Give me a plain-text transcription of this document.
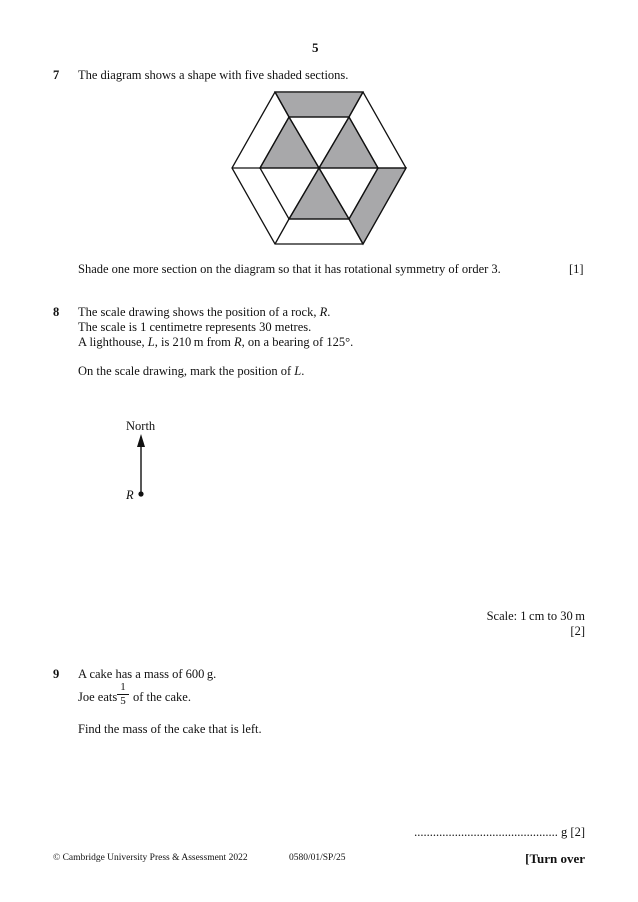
5
7 The diagram shows a shape with five shaded sections.
Shade one more section on the diagram so that it has rotational symmetry of order 3.	[1]
8 The scale drawing shows the position of a rock, R.
The scale is 1 centimetre represents 30 metres.
A lighthouse, L, is 210 m from R, on a bearing of 125°.
On the scale drawing, mark the position of L.
North
R
Scale: 1 cm to 30 m
[2]
9 A cake has a mass of 600 g.
Joe eats
1
5 of the cake.
Find the mass of the cake that is left.
.............................................. g [2]
© Cambridge University Press & Assessment 2022	0580/01/SP/25	[Turn over
